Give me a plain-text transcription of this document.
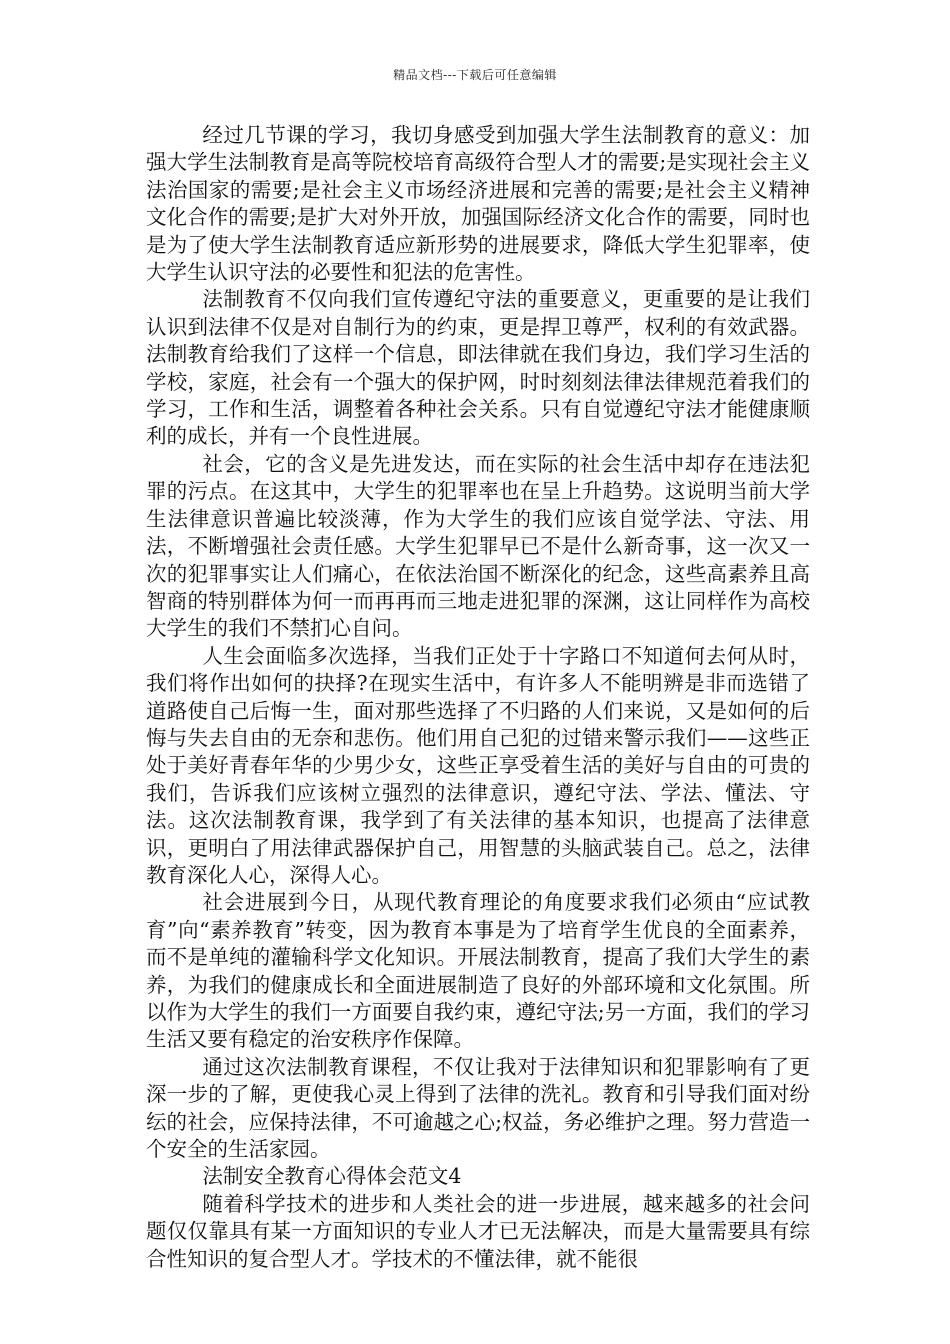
精品文档---下载后可任意编辑

经过几节课的学习，我切身感受到加强大学生法制教育的意义：加强大学生法制教育是高等院校培育高级符合型人才的需要;是实现社会主义法治国家的需要;是社会主义市场经济进展和完善的需要;是社会主义精神文化合作的需要;是扩大对外开放，加强国际经济文化合作的需要，同时也是为了使大学生法制教育适应新形势的进展要求，降低大学生犯罪率，使大学生认识守法的必要性和犯法的危害性。

法制教育不仅向我们宣传遵纪守法的重要意义，更重要的是让我们认识到法律不仅是对自制行为的约束，更是捍卫尊严，权利的有效武器。法制教育给我们了这样一个信息，即法律就在我们身边，我们学习生活的学校，家庭，社会有一个强大的保护网，时时刻刻法律法律规范着我们的学习，工作和生活，调整着各种社会关系。只有自觉遵纪守法才能健康顺利的成长，并有一个良性进展。

社会，它的含义是先进发达，而在实际的社会生活中却存在违法犯罪的污点。在这其中，大学生的犯罪率也在呈上升趋势。这说明当前大学生法律意识普遍比较淡薄，作为大学生的我们应该自觉学法、守法、用法，不断增强社会责任感。大学生犯罪早已不是什么新奇事，这一次又一次的犯罪事实让人们痛心，在依法治国不断深化的纪念，这些高素养且高智商的特别群体为何一而再再而三地走进犯罪的深渊，这让同样作为高校大学生的我们不禁扪心自问。

人生会面临多次选择，当我们正处于十字路口不知道何去何从时，我们将作出如何的抉择?在现实生活中，有许多人不能明辨是非而选错了道路使自己后悔一生，面对那些选择了不归路的人们来说，又是如何的后悔与失去自由的无奈和悲伤。他们用自己犯的过错来警示我们——这些正处于美好青春年华的少男少女，这些正享受着生活的美好与自由的可贵的我们，告诉我们应该树立强烈的法律意识，遵纪守法、学法、懂法、守法。这次法制教育课，我学到了有关法律的基本知识，也提高了法律意识，更明白了用法律武器保护自己，用智慧的头脑武装自己。总之，法律教育深化人心，深得人心。

社会进展到今日，从现代教育理论的角度要求我们必须由“应试教育”向“素养教育”转变，因为教育本事是为了培育学生优良的全面素养，而不是单纯的灌输科学文化知识。开展法制教育，提高了我们大学生的素养，为我们的健康成长和全面进展制造了良好的外部环境和文化氛围。所以作为大学生的我们一方面要自我约束，遵纪守法;另一方面，我们的学习生活又要有稳定的治安秩序作保障。

通过这次法制教育课程，不仅让我对于法律知识和犯罪影响有了更深一步的了解，更使我心灵上得到了法律的洗礼。教育和引导我们面对纷纭的社会，应保持法律，不可逾越之心;权益，务必维护之理。努力营造一个安全的生活家园。

法制安全教育心得体会范文4

随着科学技术的进步和人类社会的进一步进展，越来越多的社会问题仅仅靠具有某一方面知识的专业人才已无法解决，而是大量需要具有综合性知识的复合型人才。学技术的不懂法律，就不能很
